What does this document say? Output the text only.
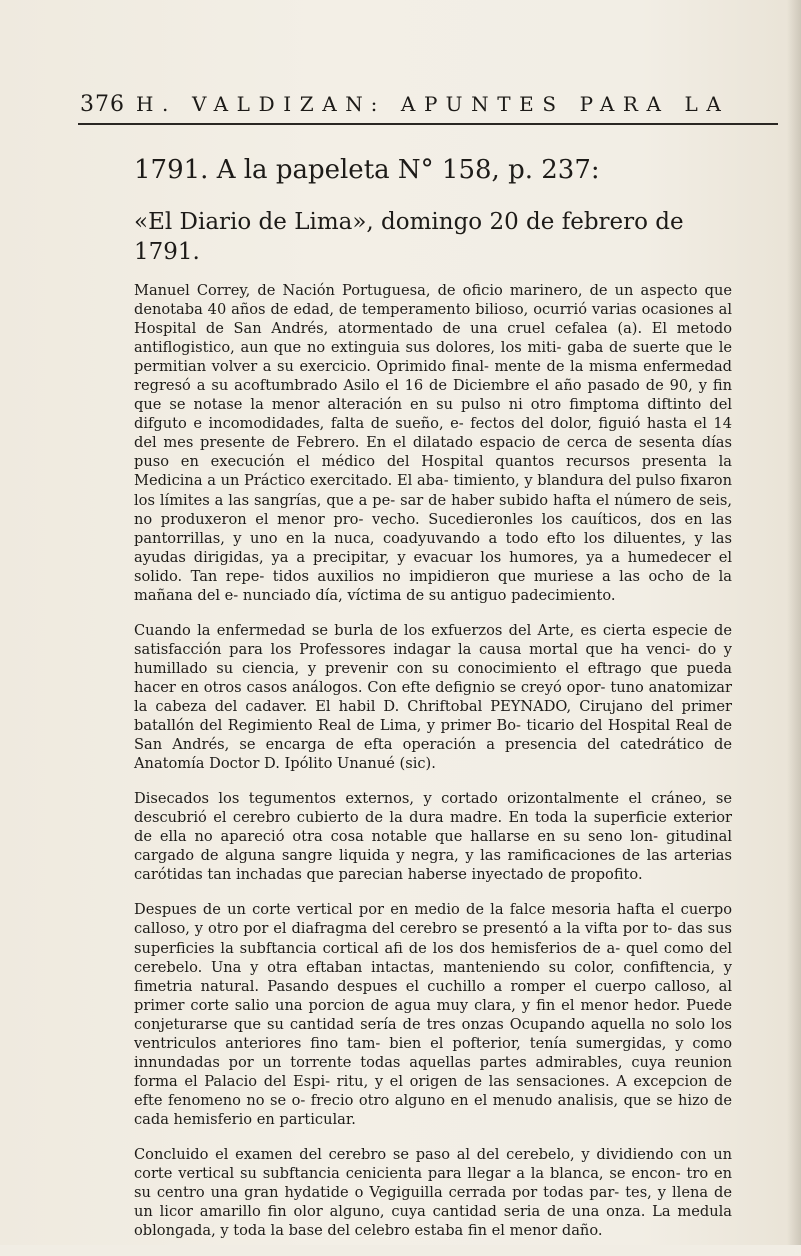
376 H. VALDIZAN: APUNTES PARA LA
1791. A la papeleta N° 158, p. 237:
«El Diario de Lima», domingo 20 de febrero de 1791.

Manuel Correy, de Nación Portuguesa, de oficio marinero, de un aspecto que denotaba 40 años de edad, de temperamento bilioso, ocurrió varias ocasiones al Hospital de San Andrés, atormentado de una cruel cefalea (a). El metodo antiflogistico, aun que no extinguia sus dolores, los miti- gaba de suerte que le permitian volver a su exercicio. Oprimido final- mente de la misma enfermedad regresó a su acoftumbrado Asilo el 16 de Diciembre el año pasado de 90, y fin que se notase la menor alteración en su pulso ni otro fimptoma diftinto del difguto e incomodidades, falta de sueño, e- fectos del dolor, figuió hasta el 14 del mes presente de Febrero. En el dilatado espacio de cerca de sesenta días puso en execución el médico del Hospital quantos recursos presenta la Medicina a un Práctico exercitado. El aba- timiento, y blandura del pulso fixaron los límites a las sangrías, que a pe- sar de haber subido hafta el número de seis, no produxeron el menor pro- vecho. Sucedieronles los cauíticos, dos en las pantorrillas, y uno en la nuca, coadyuvando a todo efto los diluentes, y las ayudas dirigidas, ya a precipitar, y evacuar los humores, ya a humedecer el solido. Tan repe- tidos auxilios no impidieron que muriese a las ocho de la mañana del e- nunciado día, víctima de su antiguo padecimiento.

Cuando la enfermedad se burla de los exfuerzos del Arte, es cierta especie de satisfacción para los Professores indagar la causa mortal que ha venci- do y humillado su ciencia, y prevenir con su conocimiento el eftrago que pueda hacer en otros casos análogos. Con efte defignio se creyó opor- tuno anatomizar la cabeza del cadaver. El habil D. Chriftobal PEYNADO, Cirujano del primer batallón del Regimiento Real de Lima, y primer Bo- ticario del Hospital Real de San Andrés, se encarga de efta operación a presencia del catedrático de Anatomía Doctor D. Ipólito Unanué (sic).

Disecados los tegumentos externos, y cortado orizontalmente el cráneo, se descubrió el cerebro cubierto de la dura madre. En toda la superficie exterior de ella no apareció otra cosa notable que hallarse en su seno lon- gitudinal cargado de alguna sangre liquida y negra, y las ramificaciones de las arterias carótidas tan inchadas que parecian haberse inyectado de propofito.

Despues de un corte vertical por en medio de la falce mesoria hafta el cuerpo calloso, y otro por el diafragma del cerebro se presentó a la vifta por to- das sus superficies la subftancia cortical afi de los dos hemisferios de a- quel como del cerebelo. Una y otra eftaban intactas, manteniendo su color, confiftencia, y fimetria natural. Pasando despues el cuchillo a romper el cuerpo calloso, al primer corte salio una porcion de agua muy clara, y fin el menor hedor. Puede conjeturarse que su cantidad sería de tres onzas Ocupando aquella no solo los ventriculos anteriores fino tam- bien el pofterior, tenía sumergidas, y como innundadas por un torrente todas aquellas partes admirables, cuya reunion forma el Palacio del Espi- ritu, y el origen de las sensaciones. A excepcion de efte fenomeno no se o- frecio otro alguno en el menudo analisis, que se hizo de cada hemisferio en particular.

Concluido el examen del cerebro se paso al del cerebelo, y dividiendo con un corte vertical su subftancia cenicienta para llegar a la blanca, se encon- tro en su centro una gran hydatide o Vegiguilla cerrada por todas par- tes, y llena de un licor amarillo fin olor alguno, cuya cantidad seria de una onza. La medula oblongada, y toda la base del celebro estaba fin el menor daño.
